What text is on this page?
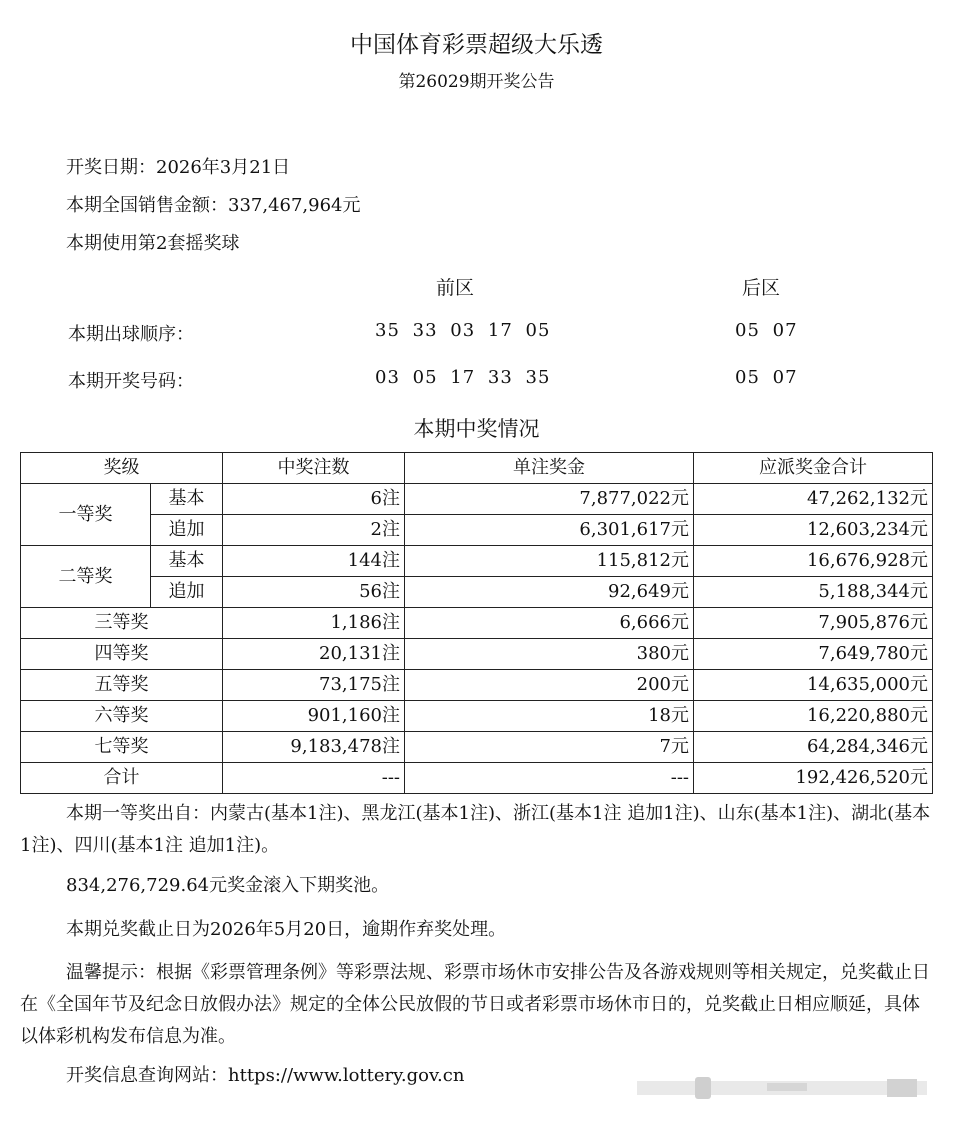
中国体育彩票超级大乐透
第26029期开奖公告
开奖日期：2026年3月21日
本期全国销售金额：337,467,964元
本期使用第2套摇奖球
前区	后区
本期出球顺序：	35 33 03 17 05	05 07
本期开奖号码：	03 05 17 33 35	05 07
本期中奖情况
奖级		中奖注数	单注奖金	应派奖金合计
一等奖	基本	6注	7,877,022元	47,262,132元
	追加	2注	6,301,617元	12,603,234元
二等奖	基本	144注	115,812元	16,676,928元
	追加	56注	92,649元	5,188,344元
三等奖		1,186注	6,666元	7,905,876元
四等奖		20,131注	380元	7,649,780元
五等奖		73,175注	200元	14,635,000元
六等奖		901,160注	18元	16,220,880元
七等奖		9,183,478注	7元	64,284,346元
合计		---	---	192,426,520元
本期一等奖出自：内蒙古(基本1注)、黑龙江(基本1注)、浙江(基本1注 追加1注)、山东(基本1注)、湖北(基本1注)、四川(基本1注 追加1注)。
834,276,729.64元奖金滚入下期奖池。
本期兑奖截止日为2026年5月20日，逾期作弃奖处理。
温馨提示：根据《彩票管理条例》等彩票法规、彩票市场休市安排公告及各游戏规则等相关规定，兑奖截止日在《全国年节及纪念日放假办法》规定的全体公民放假的节日或者彩票市场休市日的，兑奖截止日相应顺延，具体以体彩机构发布信息为准。
开奖信息查询网站：https://www.lottery.gov.cn
